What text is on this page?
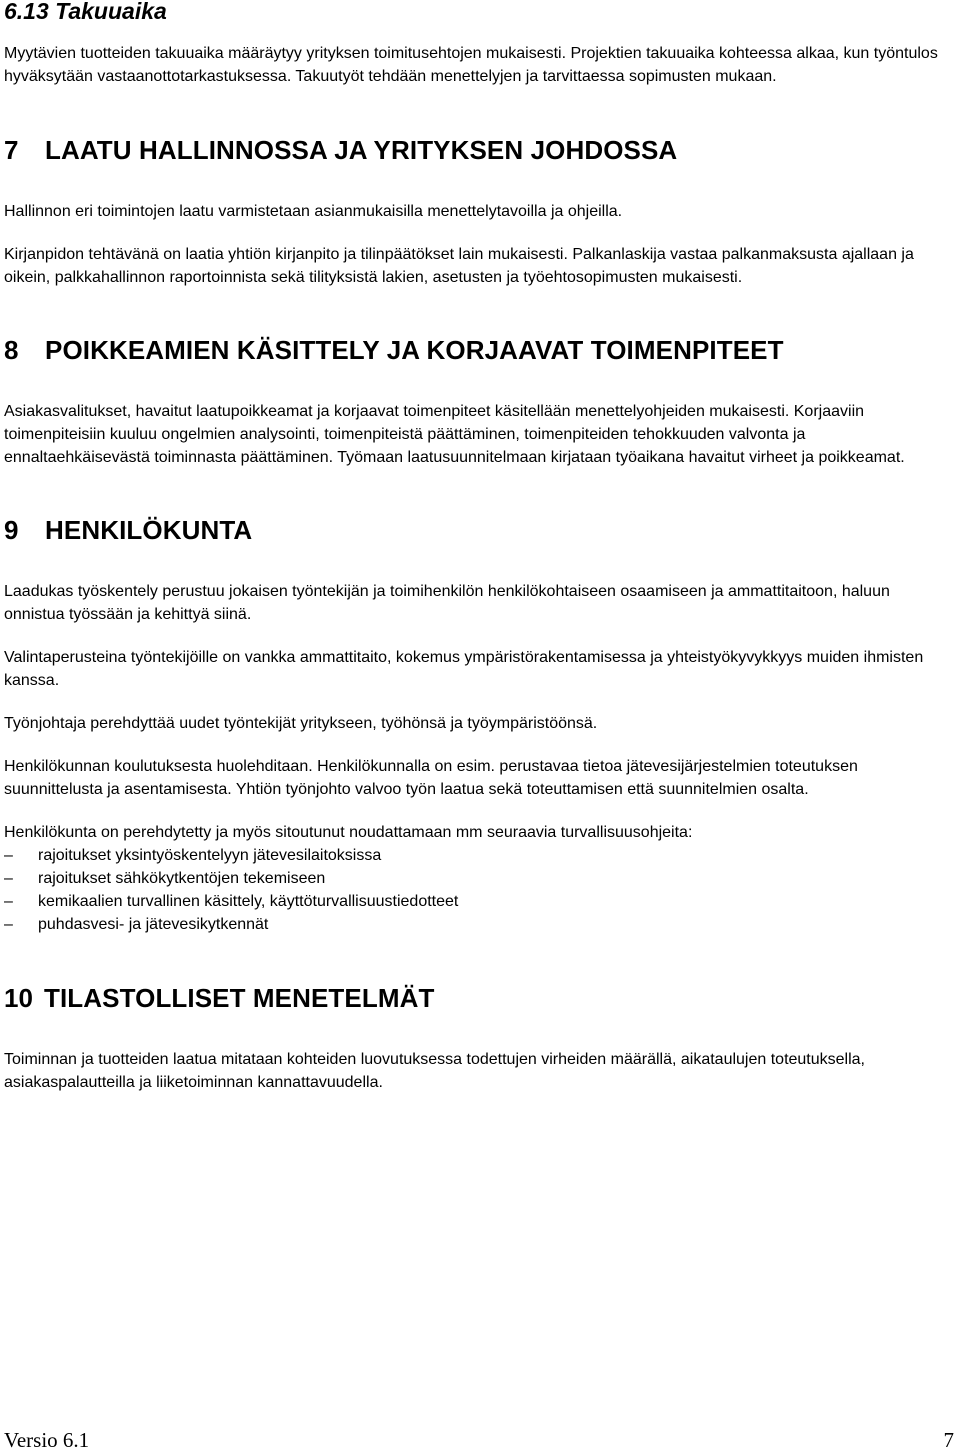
6.13 Takuuaika

Myytävien tuotteiden takuuaika määräytyy yrityksen toimitusehtojen mukaisesti. Projektien takuuaika kohteessa alkaa, kun työntulos hyväksytään vastaanottotarkastuksessa. Takuutyöt tehdään menettelyjen ja tarvittaessa sopimusten mukaan.

7 LAATU HALLINNOSSA JA YRITYKSEN JOHDOSSA

Hallinnon eri toimintojen laatu varmistetaan asianmukaisilla menettelytavoilla ja ohjeilla.

Kirjanpidon tehtävänä on laatia yhtiön kirjanpito ja tilinpäätökset lain mukaisesti. Palkanlaskija vastaa palkanmaksusta ajallaan ja oikein, palkkahallinnon raportoinnista sekä tilityksistä lakien, asetusten ja työehtosopimusten mukaisesti.

8 POIKKEAMIEN KÄSITTELY JA KORJAAVAT TOIMENPITEET

Asiakasvalitukset, havaitut laatupoikkeamat ja korjaavat toimenpiteet käsitellään menettelyohjeiden mukaisesti. Korjaaviin toimenpiteisiin kuuluu ongelmien analysointi, toimenpiteistä päättäminen, toimenpiteiden tehokkuuden valvonta ja ennaltaehkäisevästä toiminnasta päättäminen. Työmaan laatusuunnitelmaan kirjataan työaikana havaitut virheet ja poikkeamat.

9 HENKILÖKUNTA

Laadukas työskentely perustuu jokaisen työntekijän ja toimihenkilön henkilökohtaiseen osaamiseen ja ammattitaitoon, haluun onnistua työssään ja kehittyä siinä.

Valintaperusteina työntekijöille on vankka ammattitaito, kokemus ympäristörakentamisessa ja yhteistyökyvykkyys muiden ihmisten kanssa.

Työnjohtaja perehdyttää uudet työntekijät yritykseen, työhönsä ja työympäristöönsä.

Henkilökunnan koulutuksesta huolehditaan. Henkilökunnalla on esim. perustavaa tietoa jätevesijärjestelmien toteutuksen suunnittelusta ja asentamisesta. Yhtiön työnjohto valvoo työn laatua sekä toteuttamisen että suunnitelmien osalta.

Henkilökunta on perehdytetty ja myös sitoutunut noudattamaan mm seuraavia turvallisuusohjeita:

–	rajoitukset yksintyöskentelyyn jätevesilaitoksissa
–	rajoitukset sähkökytkentöjen tekemiseen
–	kemikaalien turvallinen käsittely, käyttöturvallisuustiedotteet
–	puhdasvesi- ja jätevesikytkennät
10 TILASTOLLISET MENETELMÄT

Toiminnan ja tuotteiden laatua mitataan kohteiden luovutuksessa todettujen virheiden määrällä, aikataulujen toteutuksella, asiakaspalautteilla ja liiketoiminnan kannattavuudella.

Versio 6.1	7
